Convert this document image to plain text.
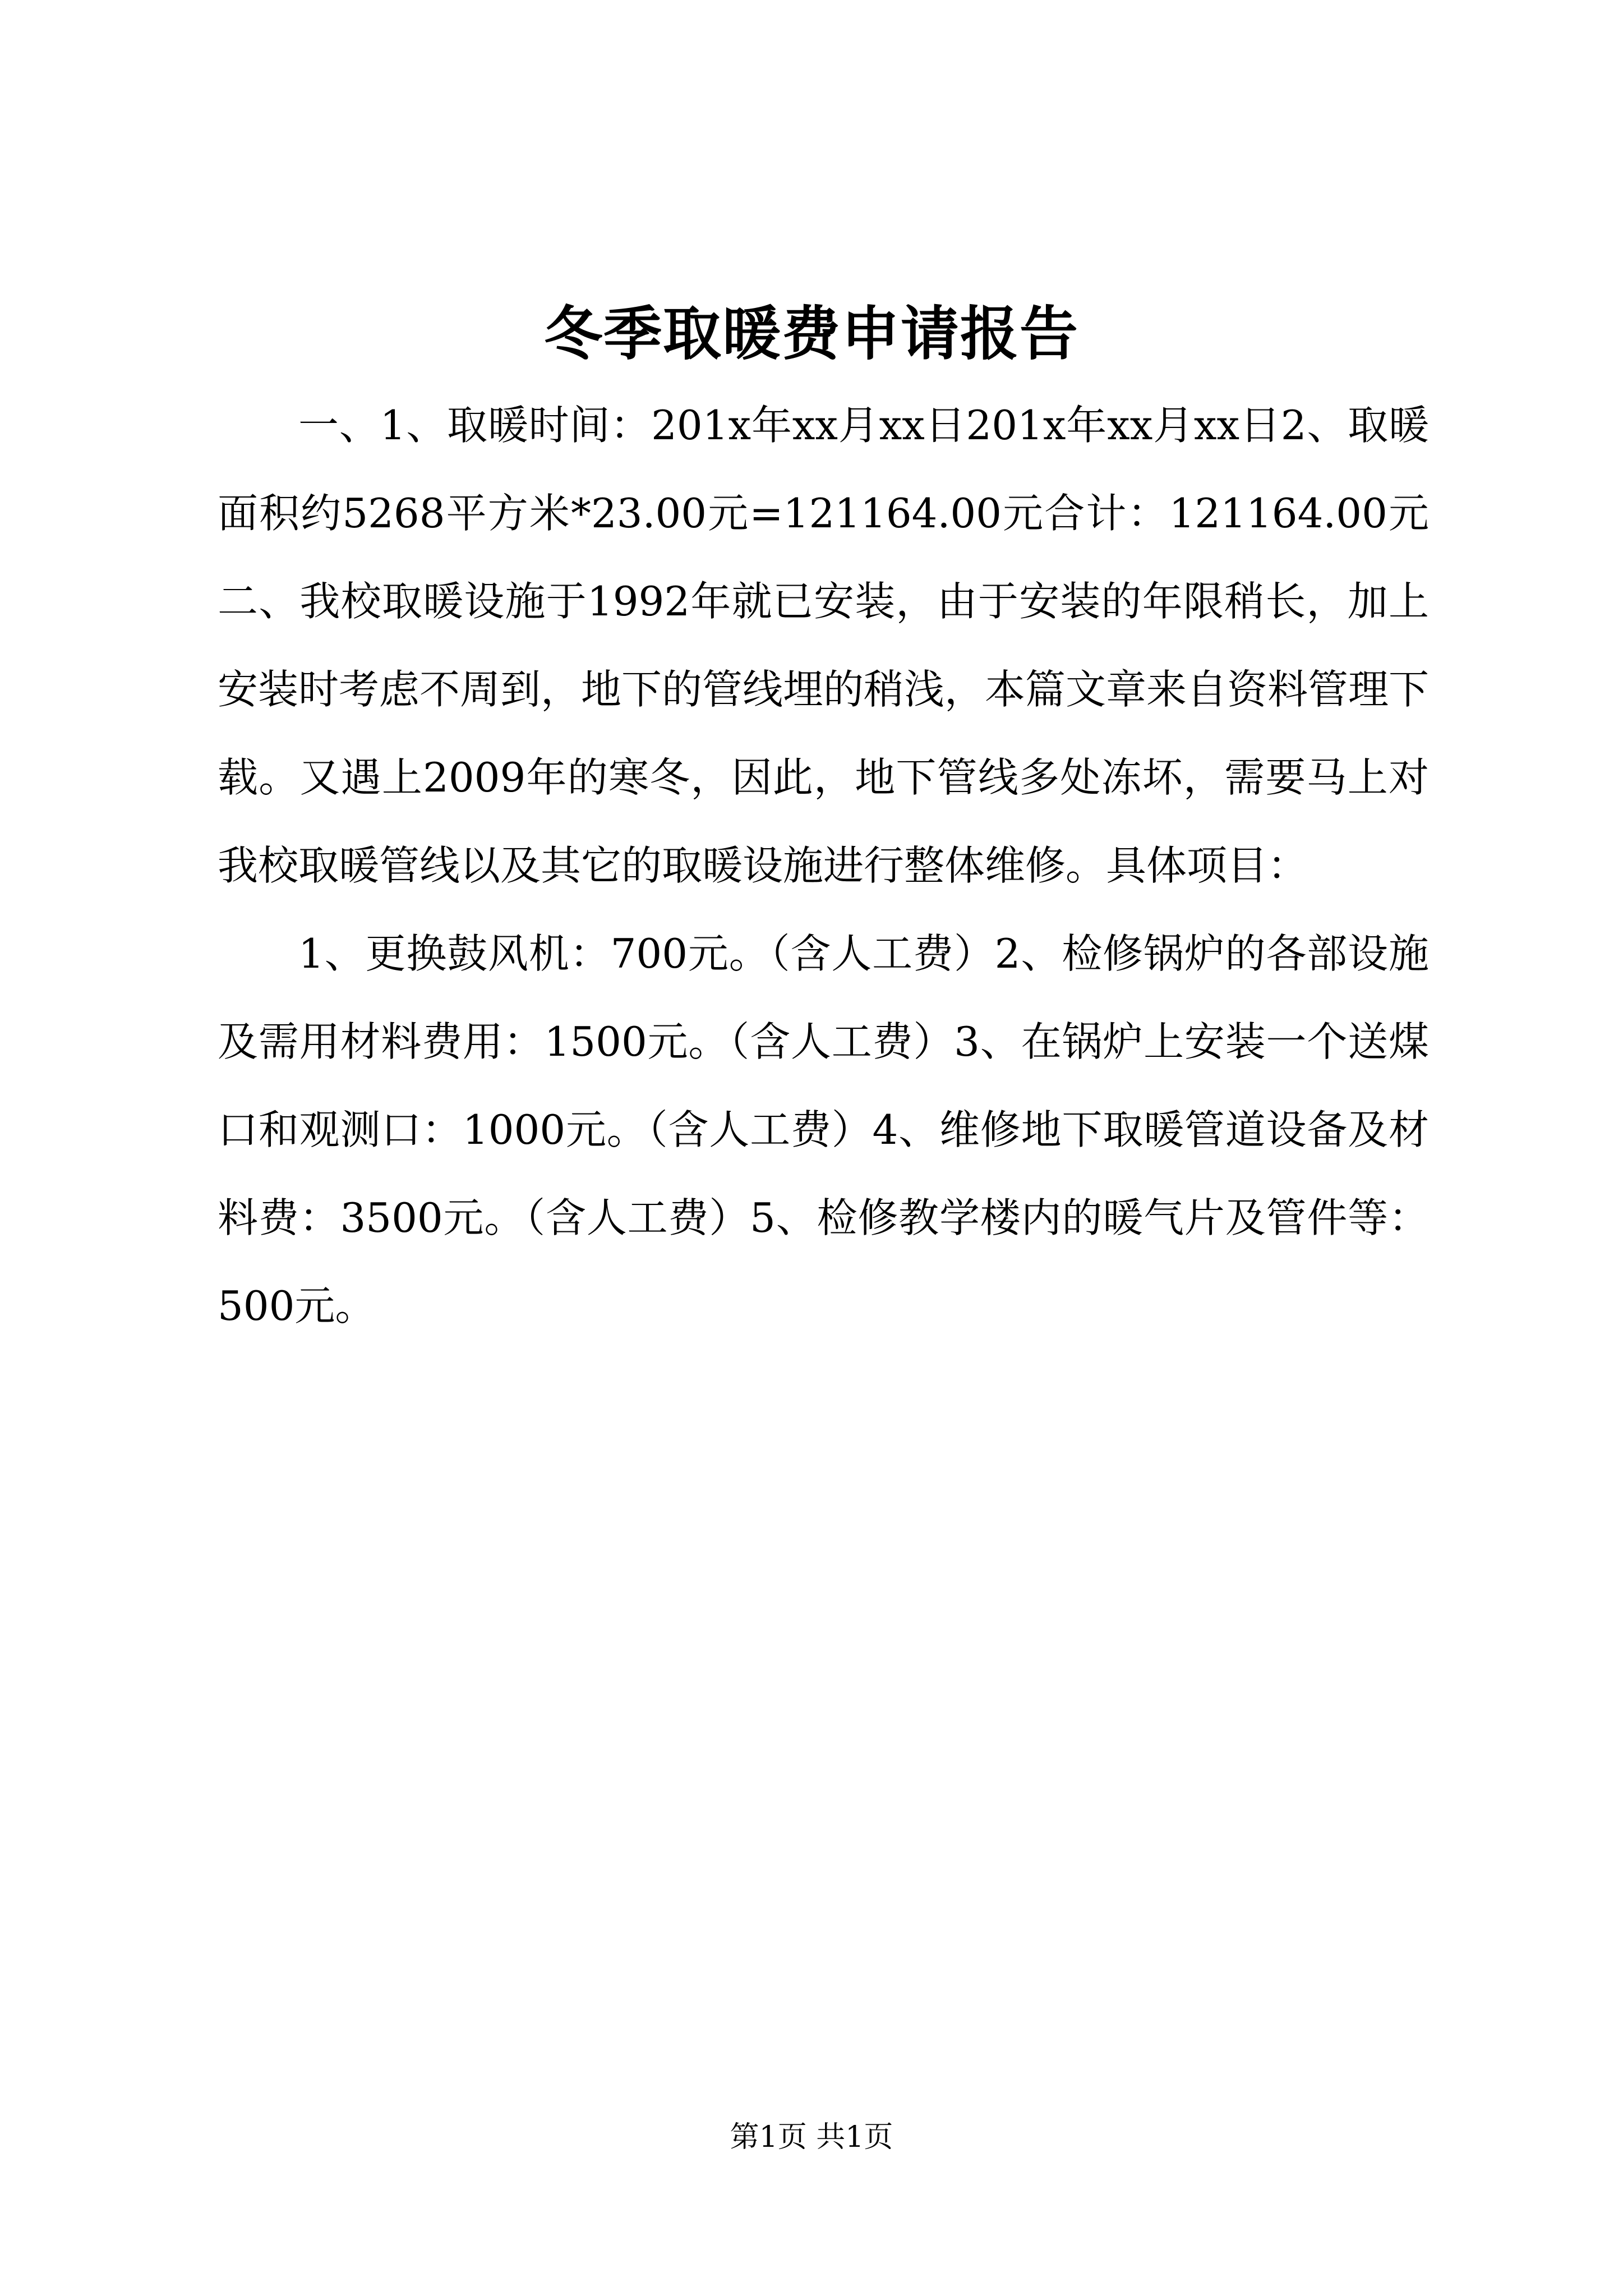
冬季取暖费申请报告

一、1、取暖时间：201x年xx月xx日201x年xx月xx日2、取暖面积约5268平方米*23.00元=121164.00元合计：121164.00元二、我校取暖设施于1992年就已安装，由于安装的年限稍长，加上安装时考虑不周到，地下的管线埋的稍浅，本篇文章来自资料管理下载。又遇上2009年的寒冬，因此，地下管线多处冻坏，需要马上对我校取暖管线以及其它的取暖设施进行整体维修。具体项目：

1、更换鼓风机：700元。（含人工费）2、检修锅炉的各部设施及需用材料费用：1500元。（含人工费）3、在锅炉上安装一个送煤口和观测口：1000元。（含人工费）4、维修地下取暖管道设备及材料费：3500元。（含人工费）5、检修教学楼内的暖气片及管件等：500元。

第1页 共1页
